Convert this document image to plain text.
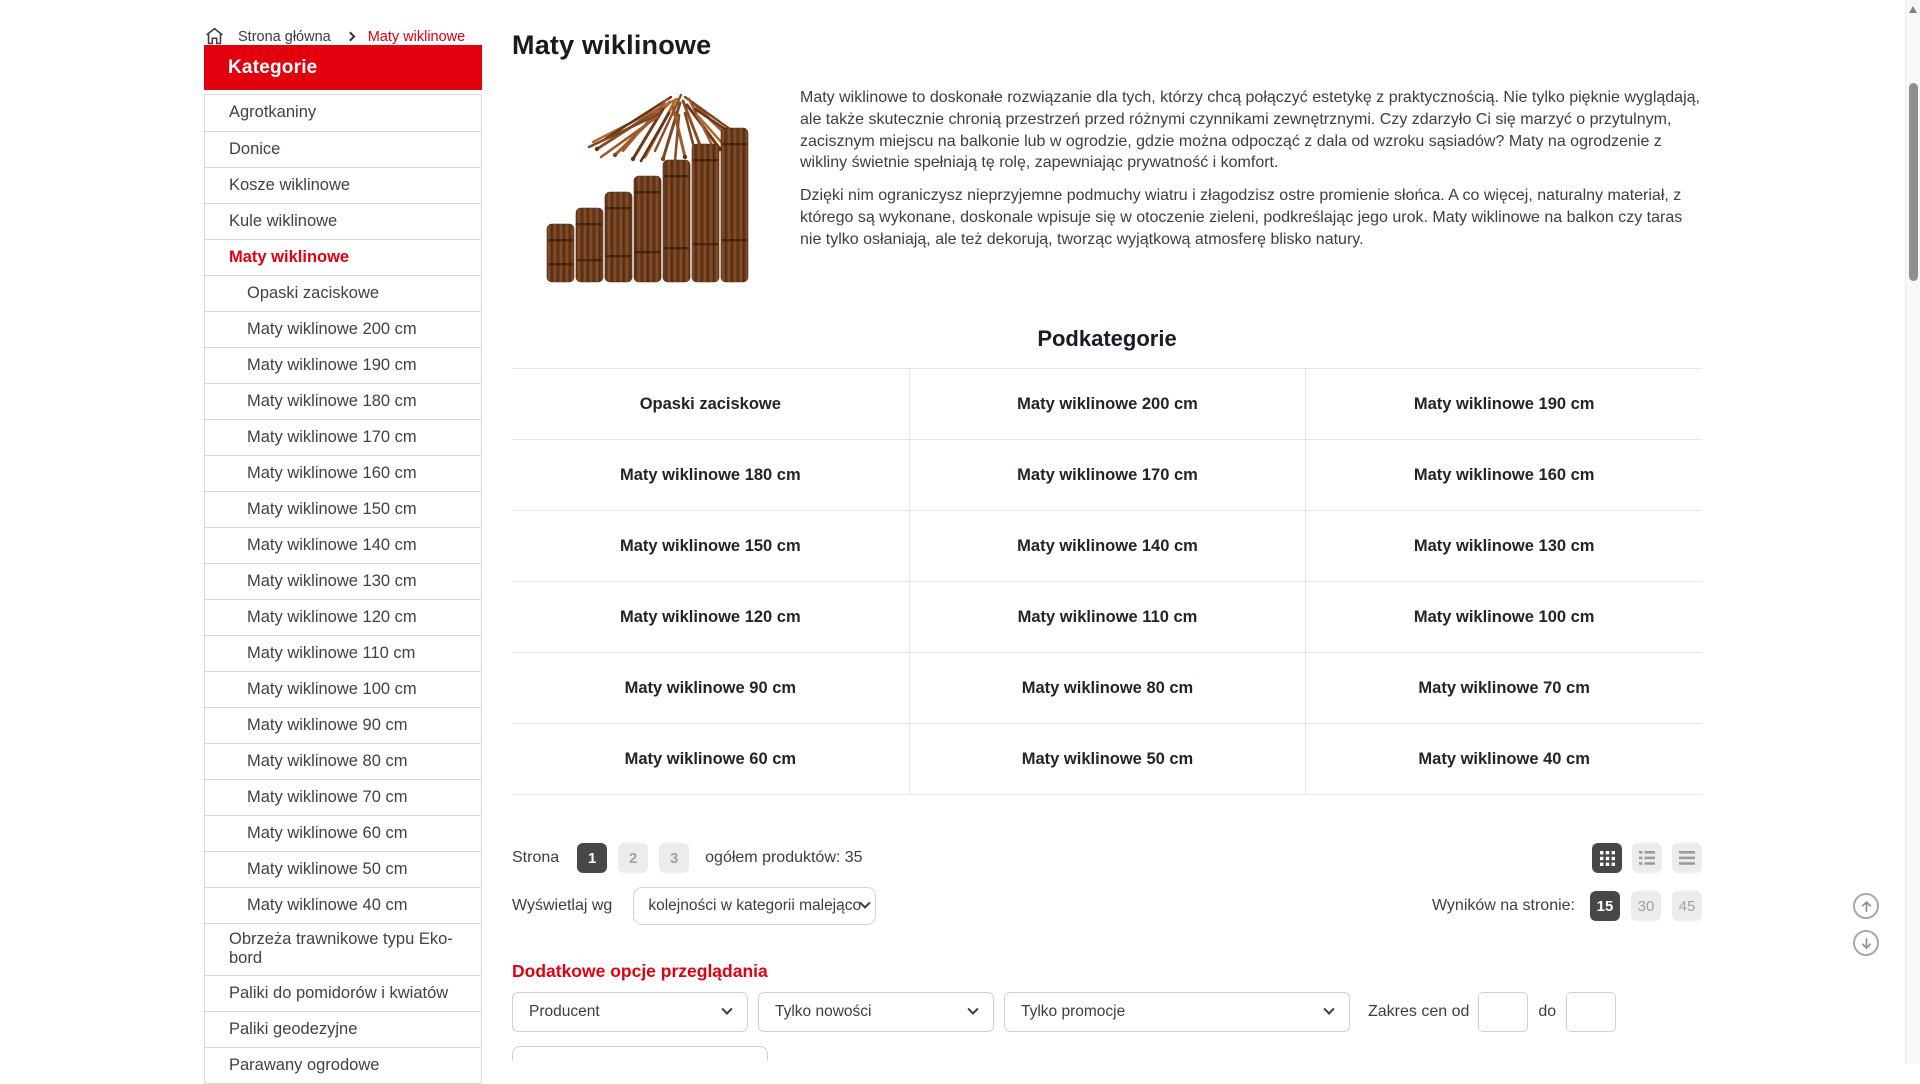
Strona główna	Maty wiklinowe
Kategorie
Agrotkaniny
Donice
Kosze wiklinowe
Kule wiklinowe
Maty wiklinowe
Opaski zaciskowe
Maty wiklinowe 200 cm
Maty wiklinowe 190 cm
Maty wiklinowe 180 cm
Maty wiklinowe 170 cm
Maty wiklinowe 160 cm
Maty wiklinowe 150 cm
Maty wiklinowe 140 cm
Maty wiklinowe 130 cm
Maty wiklinowe 120 cm
Maty wiklinowe 110 cm
Maty wiklinowe 100 cm
Maty wiklinowe 90 cm
Maty wiklinowe 80 cm
Maty wiklinowe 70 cm
Maty wiklinowe 60 cm
Maty wiklinowe 50 cm
Maty wiklinowe 40 cm
Obrzeża trawnikowe typu Eko-bord
Paliki do pomidorów i kwiatów
Paliki geodezyjne
Parawany ogrodowe
Maty wiklinowe

Maty wiklinowe to doskonałe rozwiązanie dla tych, którzy chcą połączyć estetykę z praktycznością. Nie tylko pięknie wyglądają, ale także skutecznie chronią przestrzeń przed różnymi czynnikami zewnętrznymi. Czy zdarzyło Ci się marzyć o przytulnym, zacisznym miejscu na balkonie lub w ogrodzie, gdzie można odpocząć z dala od wzroku sąsiadów? Maty na ogrodzenie z wikliny świetnie spełniają tę rolę, zapewniając prywatność i komfort.

Dzięki nim ograniczysz nieprzyjemne podmuchy wiatru i złagodzisz ostre promienie słońca. A co więcej, naturalny materiał, z którego są wykonane, doskonale wpisuje się w otoczenie zieleni, podkreślając jego urok. Maty wiklinowe na balkon czy taras nie tylko osłaniają, ale też dekorują, tworząc wyjątkową atmosferę blisko natury.

Podkategorie
Opaski zaciskowe	Maty wiklinowe 200 cm	Maty wiklinowe 190 cm
Maty wiklinowe 180 cm	Maty wiklinowe 170 cm	Maty wiklinowe 160 cm
Maty wiklinowe 150 cm	Maty wiklinowe 140 cm	Maty wiklinowe 130 cm
Maty wiklinowe 120 cm	Maty wiklinowe 110 cm	Maty wiklinowe 100 cm
Maty wiklinowe 90 cm	Maty wiklinowe 80 cm	Maty wiklinowe 70 cm
Maty wiklinowe 60 cm	Maty wiklinowe 50 cm	Maty wiklinowe 40 cm
Strona	1	2	3	ogółem produktów: 35
Wyświetlaj wg kolejności w kategorii malejąco	Wyników na stronie:	15	30	45
Dodatkowe opcje przeglądania
Producent	Tylko nowości	Tylko promocje	Zakres cen od	do
